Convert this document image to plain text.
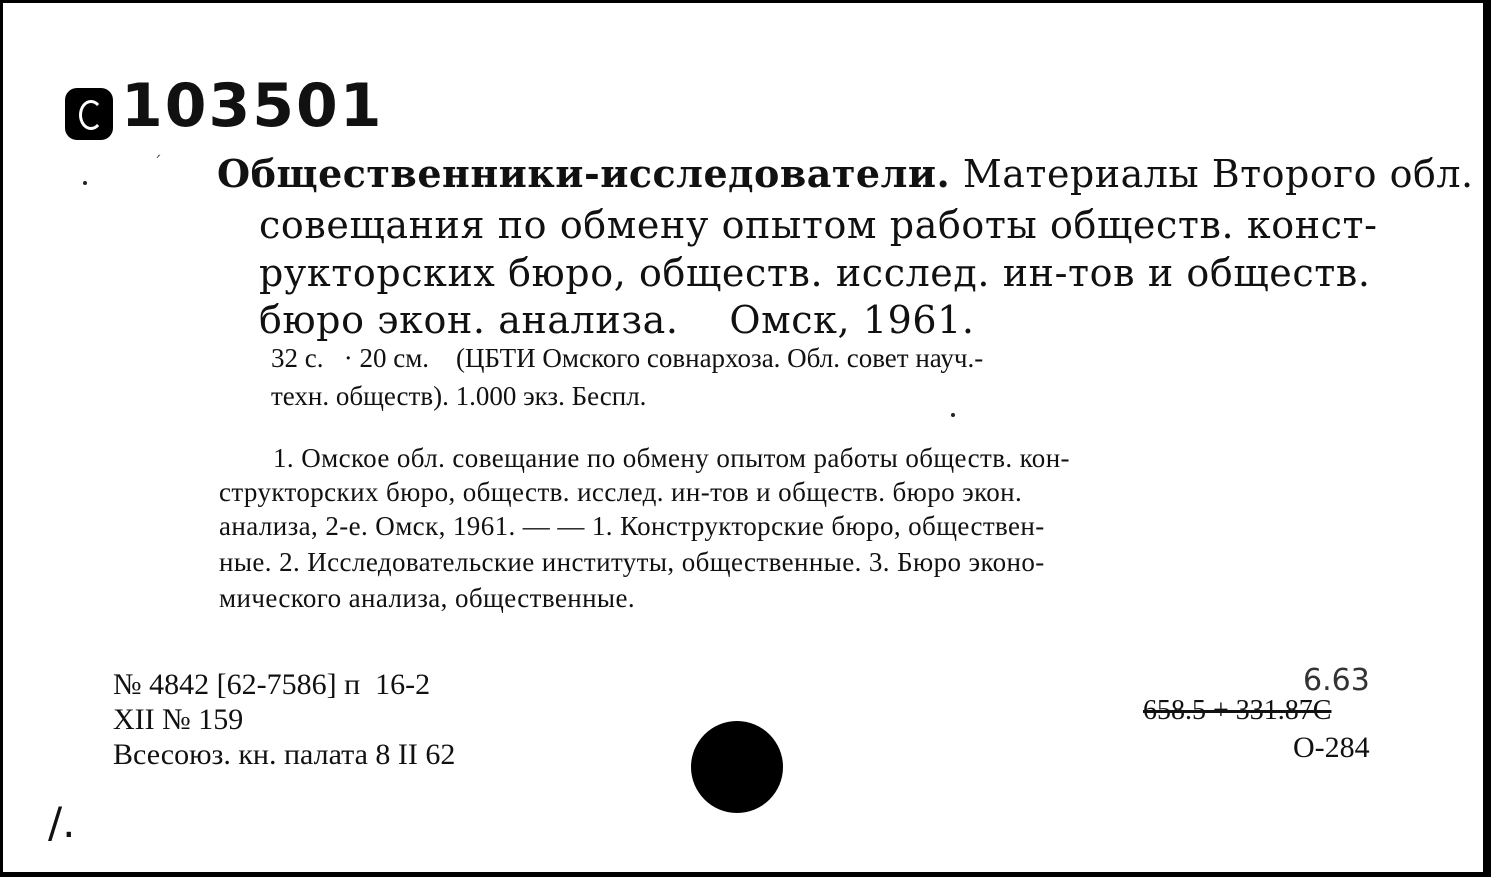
103501
´ Общественники-исследователи. Материалы Второго обл.
совещания по обмену опытом работы обществ. конст-
рукторских бюро, обществ. исслед. ин-тов и обществ.
бюро экон. анализа.    Омск, 1961.
32 с.   · 20 см.    (ЦБТИ Омского совнархоза. Обл. совет науч.-
техн. обществ). 1.000 экз. Беспл.
1. Омское обл. совещание по обмену опытом работы обществ. кон-
структорских бюро, обществ. исслед. ин-тов и обществ. бюро экон.
анализа, 2-е. Омск, 1961. — — 1. Конструкторские бюро, обществен-
ные. 2. Исследовательские институты, общественные. 3. Бюро эконо-
мического анализа, общественные.
№ 4842 [62-7586] п  16-2
XII № 159
Всесоюз. кн. палата 8 II 62
/.
6.63
658.5 + 331.87C
О-284
